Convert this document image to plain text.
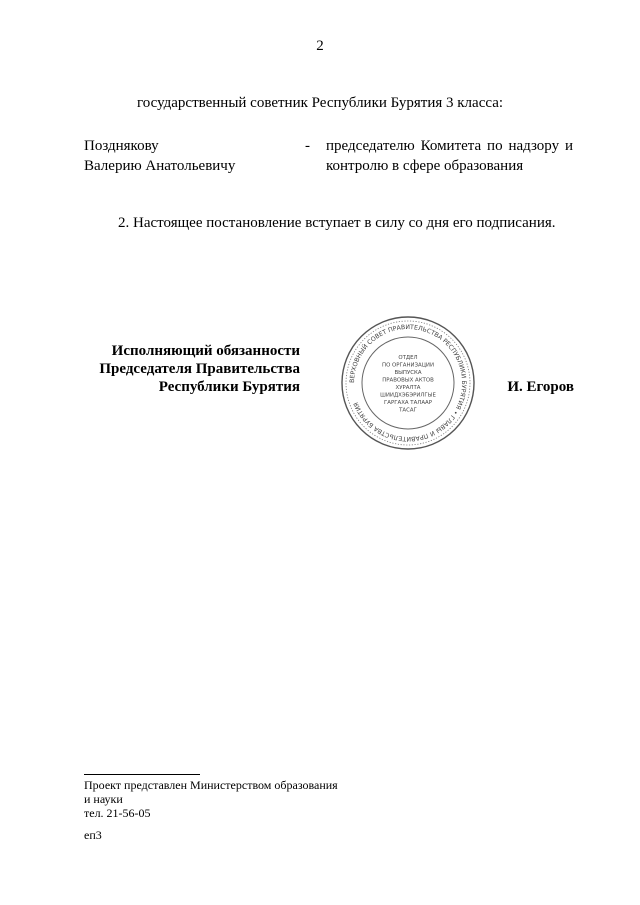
2
государственный советник Республики Бурятия 3 класса:
Позднякову
Валерию Анатольевичу
- председателю Комитета по надзору и
контролю в сфере образования
2. Настоящее постановление вступает в силу со дня его подписания.
Исполняющий обязанности
Председателя Правительства
Республики Бурятия	ВЕРХОВНЫЙ СОВЕТ ПРАВИТЕЛЬСТВА РЕСПУБЛИКИ БУРЯТИЯ • ГЛАВЫ И ПРАВИТЕЛЬСТВА БУРЯТИЯ
ОТДЕЛ
ПО ОРГАНИЗАЦИИ
ВЫПУСКА
ПРАВОВЫХ АКТОВ
ХУРАЛТА
ШИИДХЭБЭРИЛГЫЕ
ГАРГАХА ТАЛААР
ТАСАГ
И. Егоров
Проект представлен Министерством образования
и науки
тел. 21-56-05
еп3
